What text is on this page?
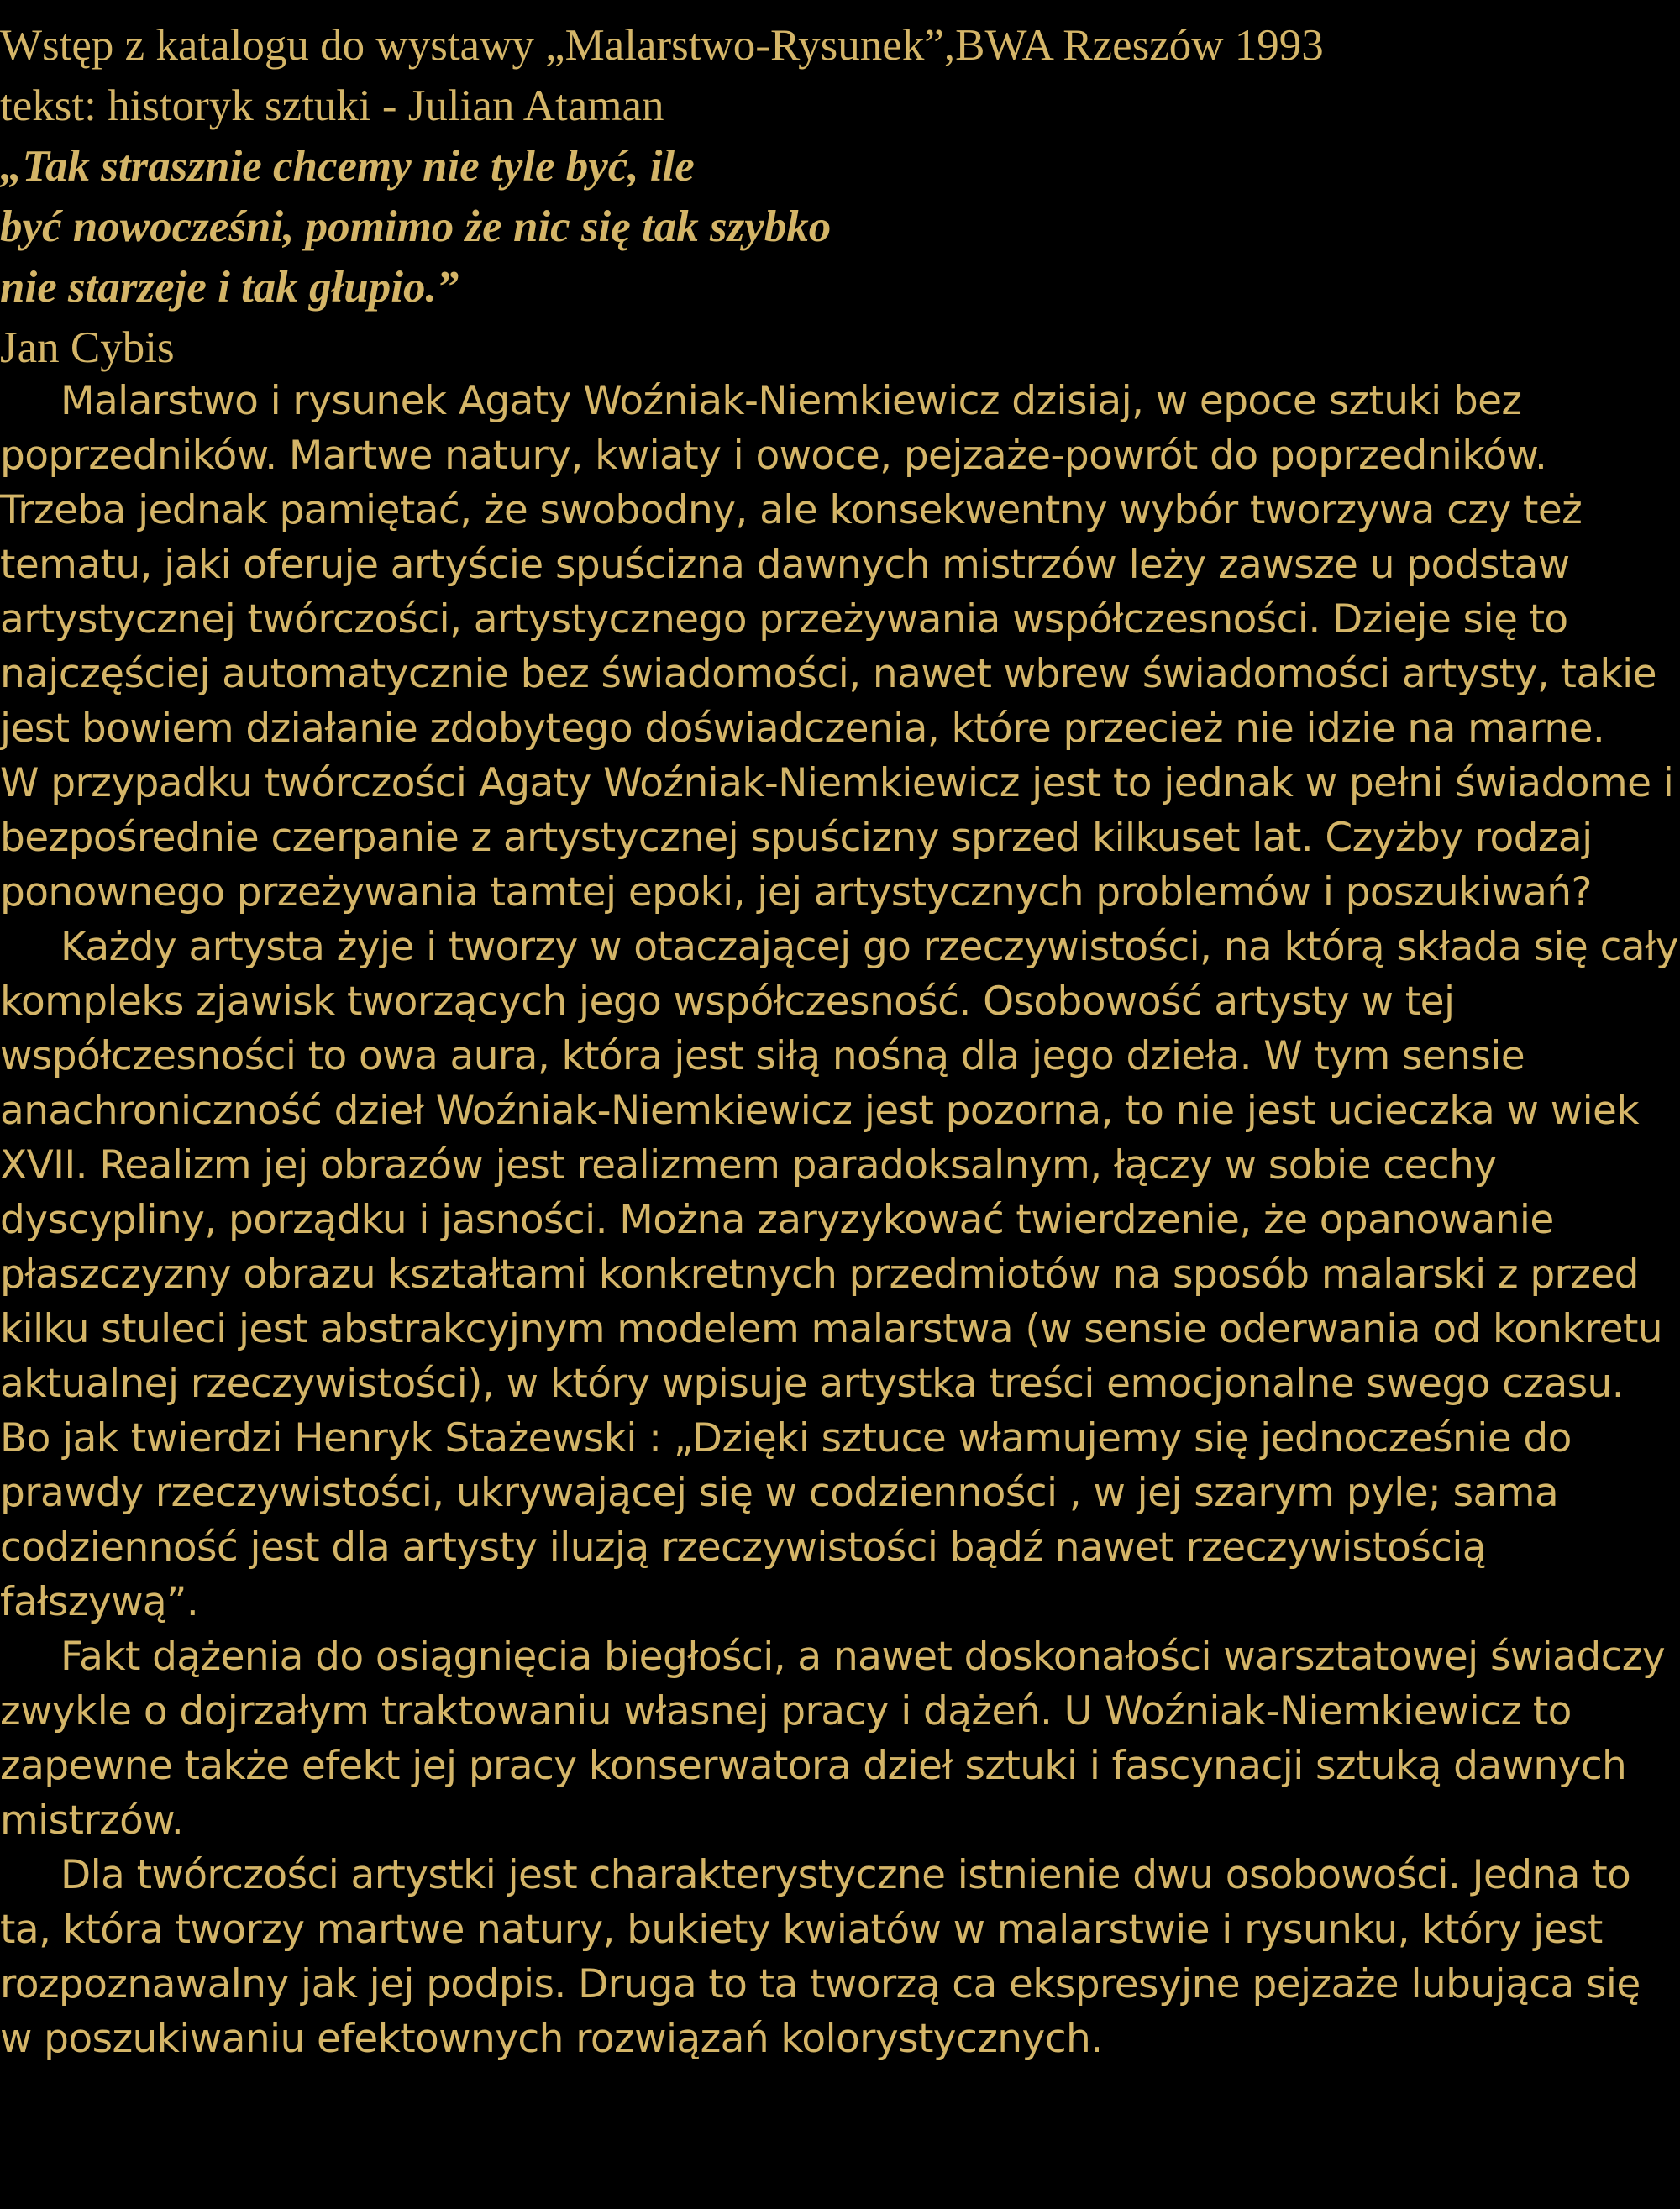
Wstęp z katalogu do wystawy „Malarstwo-Rysunek”,BWA Rzeszów 1993

tekst: historyk sztuki - Julian Ataman

„Tak strasznie chcemy nie tyle być, ile
być nowocześni, pomimo że nic się tak szybko
nie starzeje i tak głupio.”

Jan Cybis

Malarstwo i rysunek Agaty Woźniak-Niemkiewicz dzisiaj, w epoce sztuki bez poprzedników. Martwe natury, kwiaty i owoce, pejzaże-powrót do poprzedników. Trzeba jednak pamiętać, że swobodny, ale konsekwentny wybór tworzywa czy też tematu, jaki oferuje artyście spuścizna dawnych mistrzów leży zawsze u podstaw artystycznej twórczości, artystycznego przeżywania współczesności. Dzieje się to najczęściej automatycznie bez świadomości, nawet wbrew świadomości artysty, takie jest bowiem działanie zdobytego doświadczenia, które przecież nie idzie na marne.

W przypadku twórczości Agaty Woźniak-Niemkiewicz jest to jednak w pełni świadome i bezpośrednie czerpanie z artystycznej spuścizny sprzed kilkuset lat. Czyżby rodzaj ponownego przeżywania tamtej epoki, jej artystycznych problemów i poszukiwań?

Każdy artysta żyje i tworzy w otaczającej go rzeczywistości, na którą składa się cały kompleks zjawisk tworzących jego współczesność. Osobowość artysty w tej współczesności to owa aura, która jest siłą nośną dla jego dzieła. W tym sensie anachroniczność dzieł Woźniak-Niemkiewicz jest pozorna, to nie jest ucieczka w wiek XVII. Realizm jej obrazów jest realizmem paradoksalnym, łączy w sobie cechy dyscypliny, porządku i jasności. Można zaryzykować twierdzenie, że opanowanie płaszczyzny obrazu kształtami konkretnych przedmiotów na sposób malarski z przed kilku stuleci jest abstrakcyjnym modelem malarstwa (w sensie oderwania od konkretu aktualnej rzeczywistości), w który wpisuje artystka treści emocjonalne swego czasu. Bo jak twierdzi Henryk Stażewski : „Dzięki sztuce włamujemy się jednocześnie do prawdy rzeczywistości, ukrywającej się w codzienności , w jej szarym pyle; sama codzienność jest dla artysty iluzją rzeczywistości bądź nawet rzeczywistością fałszywą”.

Fakt dążenia do osiągnięcia biegłości, a nawet doskonałości warsztatowej świadczy zwykle o dojrzałym traktowaniu własnej pracy i dążeń. U Woźniak-Niemkiewicz to zapewne także efekt jej pracy konserwatora dzieł sztuki i fascynacji sztuką dawnych mistrzów.

Dla twórczości artystki jest charakterystyczne istnienie dwu osobowości. Jedna to ta, która tworzy martwe natury, bukiety kwiatów w malarstwie i rysunku, który jest rozpoznawalny jak jej podpis. Druga to ta tworzą ca ekspresyjne pejzaże lubująca się w poszukiwaniu efektownych rozwiązań kolorystycznych.
